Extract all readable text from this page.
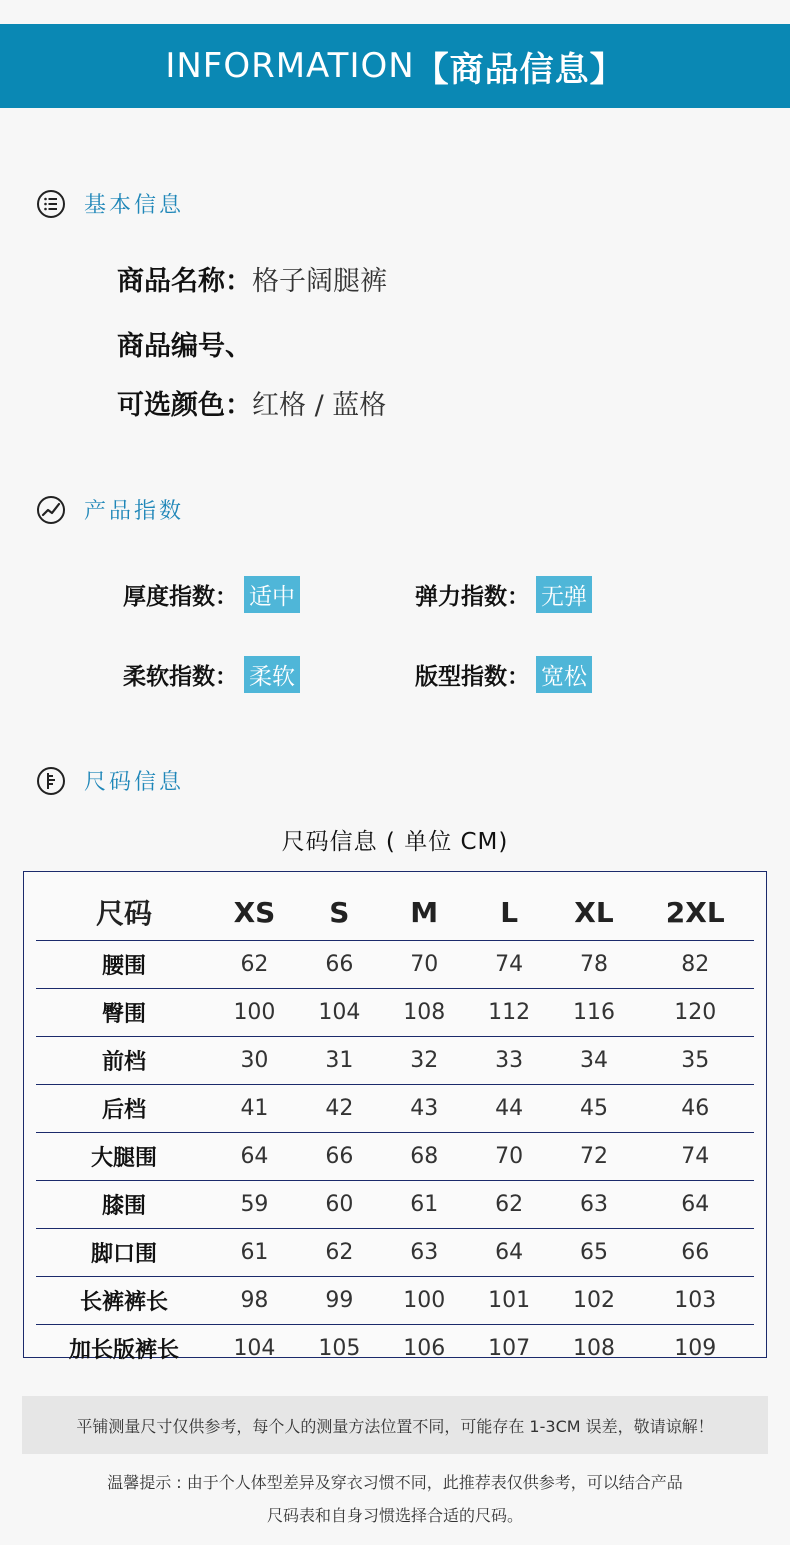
INFORMATION 【商品信息】
基本信息
商品名称：格子阔腿裤
商品编号、
可选颜色：红格 / 蓝格
产品指数
厚度指数： 适中	弹力指数： 无弹
柔软指数： 柔软	版型指数： 宽松
尺码信息
尺码信息 ( 单位 CM)
尺码	XS	S	M	L	XL	2XL
腰围	62	66	70	74	78	82
臀围	100	104	108	112	116	120
前档	30	31	32	33	34	35
后档	41	42	43	44	45	46
大腿围	64	66	68	70	72	74
膝围	59	60	61	62	63	64
脚口围	61	62	63	64	65	66
长裤裤长	98	99	100	101	102	103
加长版裤长	104	105	106	107	108	109
平铺测量尺寸仅供参考，每个人的测量方法位置不同，可能存在 1-3CM 误差，敬请谅解！
温馨提示 : 由于个人体型差异及穿衣习惯不同，此推荐表仅供参考，可以结合产品
尺码表和自身习惯选择合适的尺码。
